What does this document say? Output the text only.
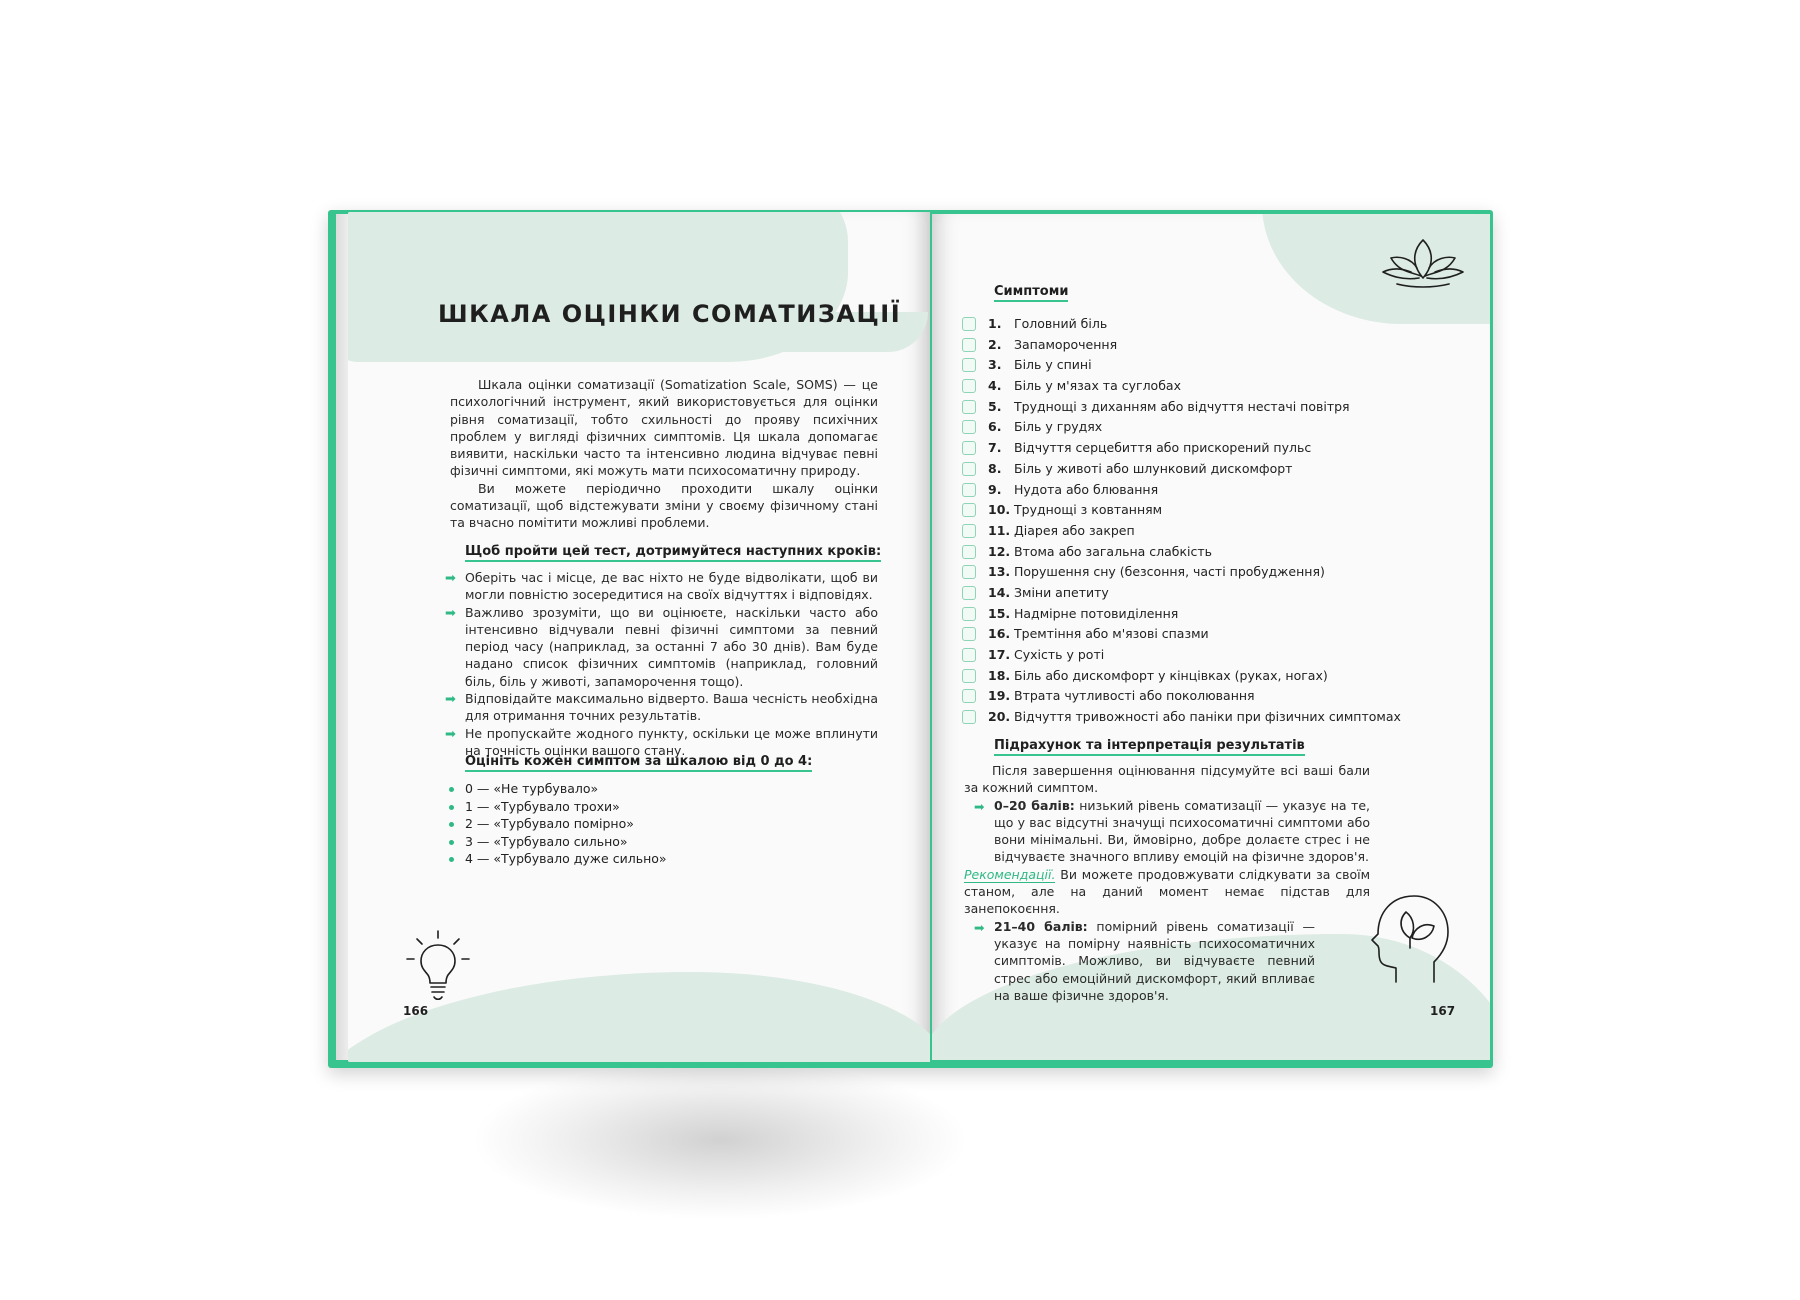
ШКАЛА ОЦІНКИ СОМАТИЗАЦІЇ

Шкала оцінки соматизації (Somatization Scale, SOMS) — це психологічний інструмент, який використовується для оцінки рівня соматизації, тобто схильності до прояву психічних проблем у вигляді фізичних симптомів. Ця шкала допомагає виявити, наскільки часто та інтенсивно людина відчуває певні фізичні симптоми, які можуть мати психосоматичну природу.

Ви можете періодично проходити шкалу оцінки соматизації, щоб відстежувати зміни у своєму фізичному стані та вчасно помітити можливі проблеми.

Щоб пройти цей тест, дотримуйтеся наступних кроків:
➡ Оберіть час і місце, де вас ніхто не буде відволікати, щоб ви могли повністю зосередитися на своїх відчуттях і відповідях.
➡ Важливо зрозуміти, що ви оцінюєте, наскільки часто або інтенсивно відчували певні фізичні симптоми за певний період часу (наприклад, за останні 7 або 30 днів). Вам буде надано список фізичних симптомів (наприклад, головний біль, біль у животі, запаморочення тощо).
➡ Відповідайте максимально відверто. Ваша чесність необхідна для отримання точних результатів.
➡ Не пропускайте жодного пункту, оскільки це може вплинути на точність оцінки вашого стану.
Оцініть кожен симптом за шкалою від 0 до 4:
0 — «Не турбувало»
1 — «Турбувало трохи»
2 — «Турбувало помірно»
3 — «Турбувало сильно»
4 — «Турбувало дуже сильно»
166
Симптоми
1. Головний біль
2. Запаморочення
3. Біль у спині
4. Біль у м'язах та суглобах
5. Труднощі з диханням або відчуття нестачі повітря
6. Біль у грудях
7. Відчуття серцебиття або прискорений пульс
8. Біль у животі або шлунковий дискомфорт
9. Нудота або блювання
10. Труднощі з ковтанням
11. Діарея або закреп
12. Втома або загальна слабкість
13. Порушення сну (безсоння, часті пробудження)
14. Зміни апетиту
15. Надмірне потовиділення
16. Тремтіння або м'язові спазми
17. Сухість у роті
18. Біль або дискомфорт у кінцівках (руках, ногах)
19. Втрата чутливості або поколювання
20. Відчуття тривожності або паніки при фізичних симптомах
Підрахунок та інтерпретація результатів

Після завершення оцінювання підсумуйте всі ваші бали за кожний симптом.

➡ 0–20 балів: низький рівень соматизації — указує на те, що у вас відсутні значущі психосоматичні симптоми або вони мінімальні. Ви, ймовірно, добре долаєте стрес і не відчуваєте значного впливу емоцій на фізичне здоров'я.
Рекомендації. Ви можете продовжувати слідкувати за своїм станом, але на даний момент немає підстав для занепокоєння.
➡ 21–40 балів: помірний рівень соматизації — указує на помірну наявність психосоматичних симптомів. Можливо, ви відчуваєте певний стрес або емоційний дискомфорт, який впливає на ваше фізичне здоров'я.
167
